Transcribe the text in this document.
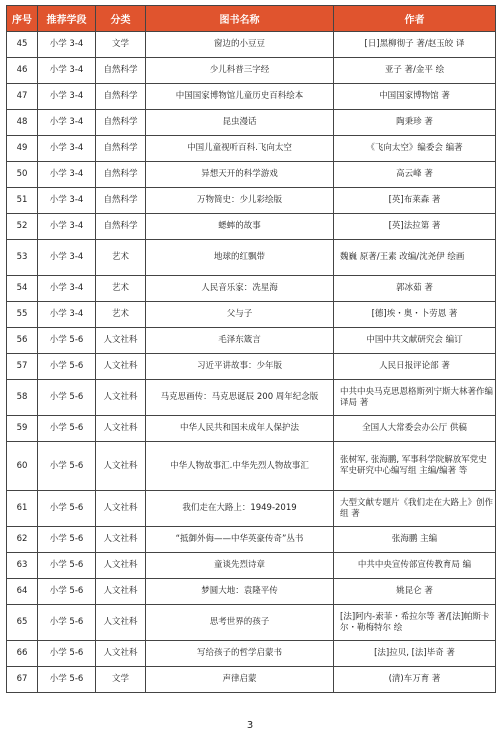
序号	推荐学段	分类	图书名称	作者
45	小学 3-4	文学	窗边的小豆豆	[日]黑柳彻子 著/赵玉皎 译
46	小学 3-4	自然科学	少儿科普三字经	亚子 著/金平 绘
47	小学 3-4	自然科学	中国国家博物馆儿童历史百科绘本	中国国家博物馆 著
48	小学 3-4	自然科学	昆虫漫话	陶秉珍 著
49	小学 3-4	自然科学	中国儿童视听百科.飞向太空	《飞向太空》编委会 编著
50	小学 3-4	自然科学	异想天开的科学游戏	高云峰 著
51	小学 3-4	自然科学	万物简史：少儿彩绘版	[英]布莱森 著
52	小学 3-4	自然科学	蟋蟀的故事	[英]法拉第 著
53	小学 3-4	艺术	地球的红飘带	魏巍 原著/王素 改编/沈尧伊 绘画
54	小学 3-4	艺术	人民音乐家：冼星海	郭冰茹 著
55	小学 3-4	艺术	父与子	[德]埃・奥・卜劳恩 著
56	小学 5-6	人文社科	毛泽东箴言	中国中共文献研究会 编订
57	小学 5-6	人文社科	习近平讲故事：少年版	人民日报评论部 著
58	小学 5-6	人文社科	马克思画传：马克思诞辰 200 周年纪念版	中共中央马克思恩格斯列宁斯大林著作编译局 著
59	小学 5-6	人文社科	中华人民共和国未成年人保护法	全国人大常委会办公厅 供稿
60	小学 5-6	人文社科	中华人物故事汇.中华先烈人物故事汇	张树军, 张海鹏, 军事科学院解放军党史军史研究中心编写组 主编/编著 等
61	小学 5-6	人文社科	我们走在大路上：1949-2019	大型文献专题片《我们走在大路上》创作组 著
62	小学 5-6	人文社科	“抵御外侮——中华英豪传奇”丛书	张海鹏 主编
63	小学 5-6	人文社科	童谈先烈诗章	中共中央宣传部宣传教育局 编
64	小学 5-6	人文社科	梦圆大地：袁隆平传	姚昆仑 著
65	小学 5-6	人文社科	思考世界的孩子	[法]阿内-索菲・希拉尔等 著/[法]帕斯卡尔・勒梅特尔 绘
66	小学 5-6	人文社科	写给孩子的哲学启蒙书	[法]拉贝, [法]毕奇 著
67	小学 5-6	文学	声律启蒙	(清)车万育 著
3
